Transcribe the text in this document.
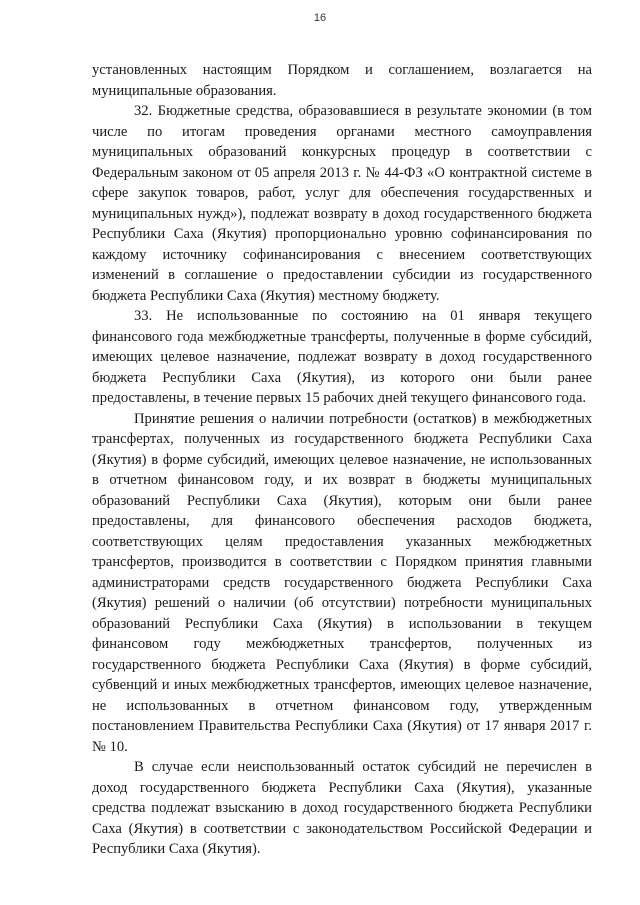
16

установленных настоящим Порядком и соглашением, возлагается на муниципальные образования.

32. Бюджетные средства, образовавшиеся в результате экономии (в том числе по итогам проведения органами местного самоуправления муниципальных образований конкурсных процедур в соответствии с Федеральным законом от 05 апреля 2013 г. № 44-ФЗ «О контрактной системе в сфере закупок товаров, работ, услуг для обеспечения государственных и муниципальных нужд»), подлежат возврату в доход государственного бюджета Республики Саха (Якутия) пропорционально уровню софинансирования по каждому источнику софинансирования с внесением соответствующих изменений в соглашение о предоставлении субсидии из государственного бюджета Республики Саха (Якутия) местному бюджету.

33. Не использованные по состоянию на 01 января текущего финансового года межбюджетные трансферты, полученные в форме субсидий, имеющих целевое назначение, подлежат возврату в доход государственного бюджета Республики Саха (Якутия), из которого они были ранее предоставлены, в течение первых 15 рабочих дней текущего финансового года.

Принятие решения о наличии потребности (остатков) в межбюджетных трансфертах, полученных из государственного бюджета Республики Саха (Якутия) в форме субсидий, имеющих целевое назначение, не использованных в отчетном финансовом году, и их возврат в бюджеты муниципальных образований Республики Саха (Якутия), которым они были ранее предоставлены, для финансового обеспечения расходов бюджета, соответствующих целям предоставления указанных межбюджетных трансфертов, производится в соответствии с Порядком принятия главными администраторами средств государственного бюджета Республики Саха (Якутия) решений о наличии (об отсутствии) потребности муниципальных образований Республики Саха (Якутия) в использовании в текущем финансовом году межбюджетных трансфертов, полученных из государственного бюджета Республики Саха (Якутия) в форме субсидий, субвенций и иных межбюджетных трансфертов, имеющих целевое назначение, не использованных в отчетном финансовом году, утвержденным постановлением Правительства Республики Саха (Якутия) от 17 января 2017 г. № 10.

В случае если неиспользованный остаток субсидий не перечислен в доход государственного бюджета Республики Саха (Якутия), указанные средства подлежат взысканию в доход государственного бюджета Республики Саха (Якутия) в соответствии с законодательством Российской Федерации и Республики Саха (Якутия).
